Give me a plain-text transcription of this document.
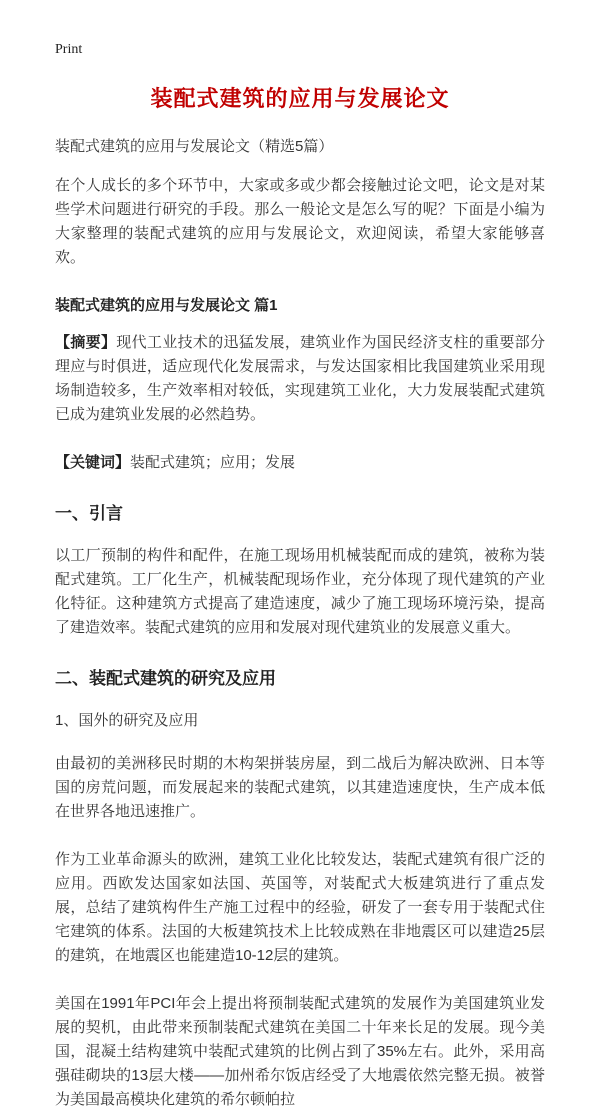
Print
装配式建筑的应用与发展论文
装配式建筑的应用与发展论文（精选5篇）

在个人成长的多个环节中，大家或多或少都会接触过论文吧，论文是对某些学术问题进行研究的手段。那么一般论文是怎么写的呢？下面是小编为大家整理的装配式建筑的应用与发展论文，欢迎阅读，希望大家能够喜欢。

装配式建筑的应用与发展论文 篇1

【摘要】现代工业技术的迅猛发展，建筑业作为国民经济支柱的重要部分理应与时俱进，适应现代化发展需求，与发达国家相比我国建筑业采用现场制造较多，生产效率相对较低，实现建筑工业化，大力发展装配式建筑已成为建筑业发展的必然趋势。

【关键词】装配式建筑；应用；发展

一、引言

以工厂预制的构件和配件，在施工现场用机械装配而成的建筑，被称为装配式建筑。工厂化生产，机械装配现场作业，充分体现了现代建筑的产业化特征。这种建筑方式提高了建造速度，减少了施工现场环境污染，提高了建造效率。装配式建筑的应用和发展对现代建筑业的发展意义重大。

二、装配式建筑的研究及应用
1、国外的研究及应用

由最初的美洲移民时期的木构架拼装房屋，到二战后为解决欧洲、日本等国的房荒问题，而发展起来的装配式建筑，以其建造速度快，生产成本低在世界各地迅速推广。

作为工业革命源头的欧洲，建筑工业化比较发达，装配式建筑有很广泛的应用。西欧发达国家如法国、英国等，对装配式大板建筑进行了重点发展，总结了建筑构件生产施工过程中的经验，研发了一套专用于装配式住宅建筑的体系。法国的大板建筑技术上比较成熟在非地震区可以建造25层的建筑，在地震区也能建造10-12层的建筑。

美国在1991年PCI年会上提出将预制装配式建筑的发展作为美国建筑业发展的契机，由此带来预制装配式建筑在美国二十年来长足的发展。现今美国，混凝土结构建筑中装配式建筑的比例占到了35%左右。此外，采用高强硅砌块的13层大楼——加州希尔饭店经受了大地震依然完整无损。被誉为美国最高模块化建筑的希尔顿帕拉
